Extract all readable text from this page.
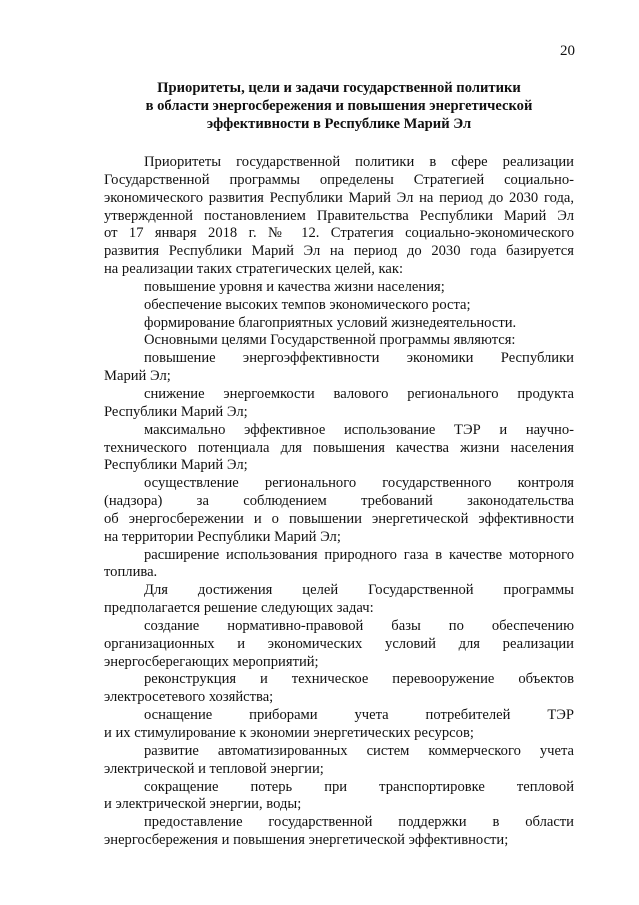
20
Приоритеты, цели и задачи государственной политики
в области энергосбережения и повышения энергетической
эффективности в Республике Марий Эл
Приоритеты государственной политики в сфере реализации
Государственной программы определены Стратегией социально-
экономического развития Республики Марий Эл на период до 2030 года,
утвержденной постановлением Правительства Республики Марий Эл
от 17 января 2018 г. № 12. Стратегия социально-экономического
развития Республики Марий Эл на период до 2030 года базируется
на реализации таких стратегических целей, как:
повышение уровня и качества жизни населения;
обеспечение высоких темпов экономического роста;
формирование благоприятных условий жизнедеятельности.
Основными целями Государственной программы являются:
повышение энергоэффективности экономики Республики
Марий Эл;
снижение энергоемкости валового регионального продукта
Республики Марий Эл;
максимально эффективное использование ТЭР и научно-
технического потенциала для повышения качества жизни населения
Республики Марий Эл;
осуществление регионального государственного контроля
(надзора) за соблюдением требований законодательства
об энергосбережении и о повышении энергетической эффективности
на территории Республики Марий Эл;
расширение использования природного газа в качестве моторного
топлива.
Для достижения целей Государственной программы
предполагается решение следующих задач:
создание нормативно-правовой базы по обеспечению
организационных и экономических условий для реализации
энергосберегающих мероприятий;
реконструкция и техническое перевооружение объектов
электросетевого хозяйства;
оснащение приборами учета потребителей ТЭР
и их стимулирование к экономии энергетических ресурсов;
развитие автоматизированных систем коммерческого учета
электрической и тепловой энергии;
сокращение потерь при транспортировке тепловой
и электрической энергии, воды;
предоставление государственной поддержки в области
энергосбережения и повышения энергетической эффективности;
